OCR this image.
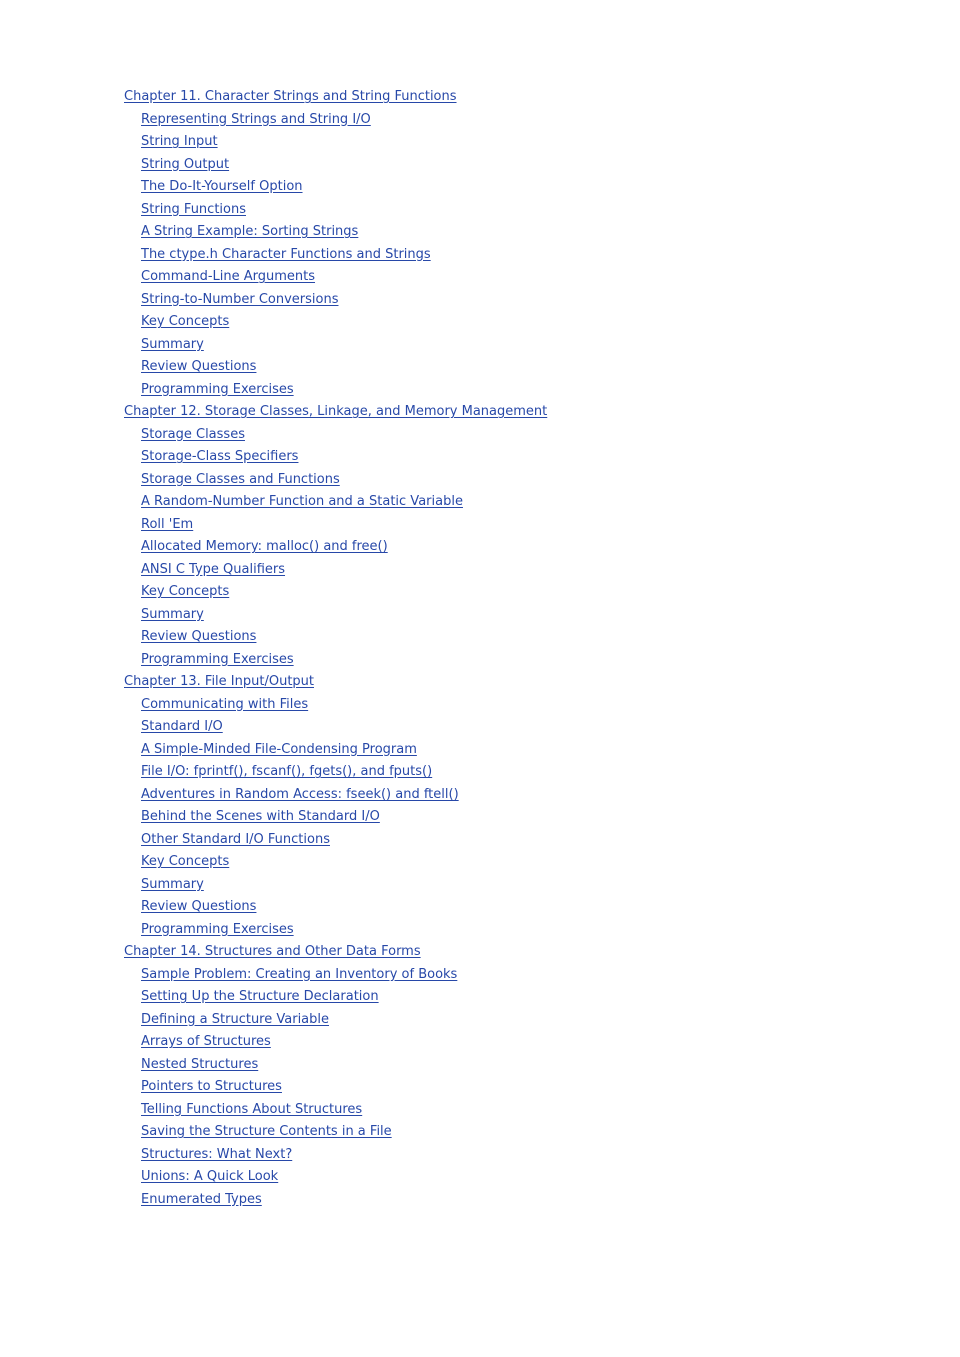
Chapter 11. Character Strings and String Functions
Representing Strings and String I/O
String Input
String Output
The Do-It-Yourself Option
String Functions
A String Example: Sorting Strings
The ctype.h Character Functions and Strings
Command-Line Arguments
String-to-Number Conversions
Key Concepts
Summary
Review Questions
Programming Exercises
Chapter 12. Storage Classes, Linkage, and Memory Management
Storage Classes
Storage-Class Specifiers
Storage Classes and Functions
A Random-Number Function and a Static Variable
Roll 'Em
Allocated Memory: malloc() and free()
ANSI C Type Qualifiers
Key Concepts
Summary
Review Questions
Programming Exercises
Chapter 13. File Input/Output
Communicating with Files
Standard I/O
A Simple-Minded File-Condensing Program
File I/O: fprintf(), fscanf(), fgets(), and fputs()
Adventures in Random Access: fseek() and ftell()
Behind the Scenes with Standard I/O
Other Standard I/O Functions
Key Concepts
Summary
Review Questions
Programming Exercises
Chapter 14. Structures and Other Data Forms
Sample Problem: Creating an Inventory of Books
Setting Up the Structure Declaration
Defining a Structure Variable
Arrays of Structures
Nested Structures
Pointers to Structures
Telling Functions About Structures
Saving the Structure Contents in a File
Structures: What Next?
Unions: A Quick Look
Enumerated Types
